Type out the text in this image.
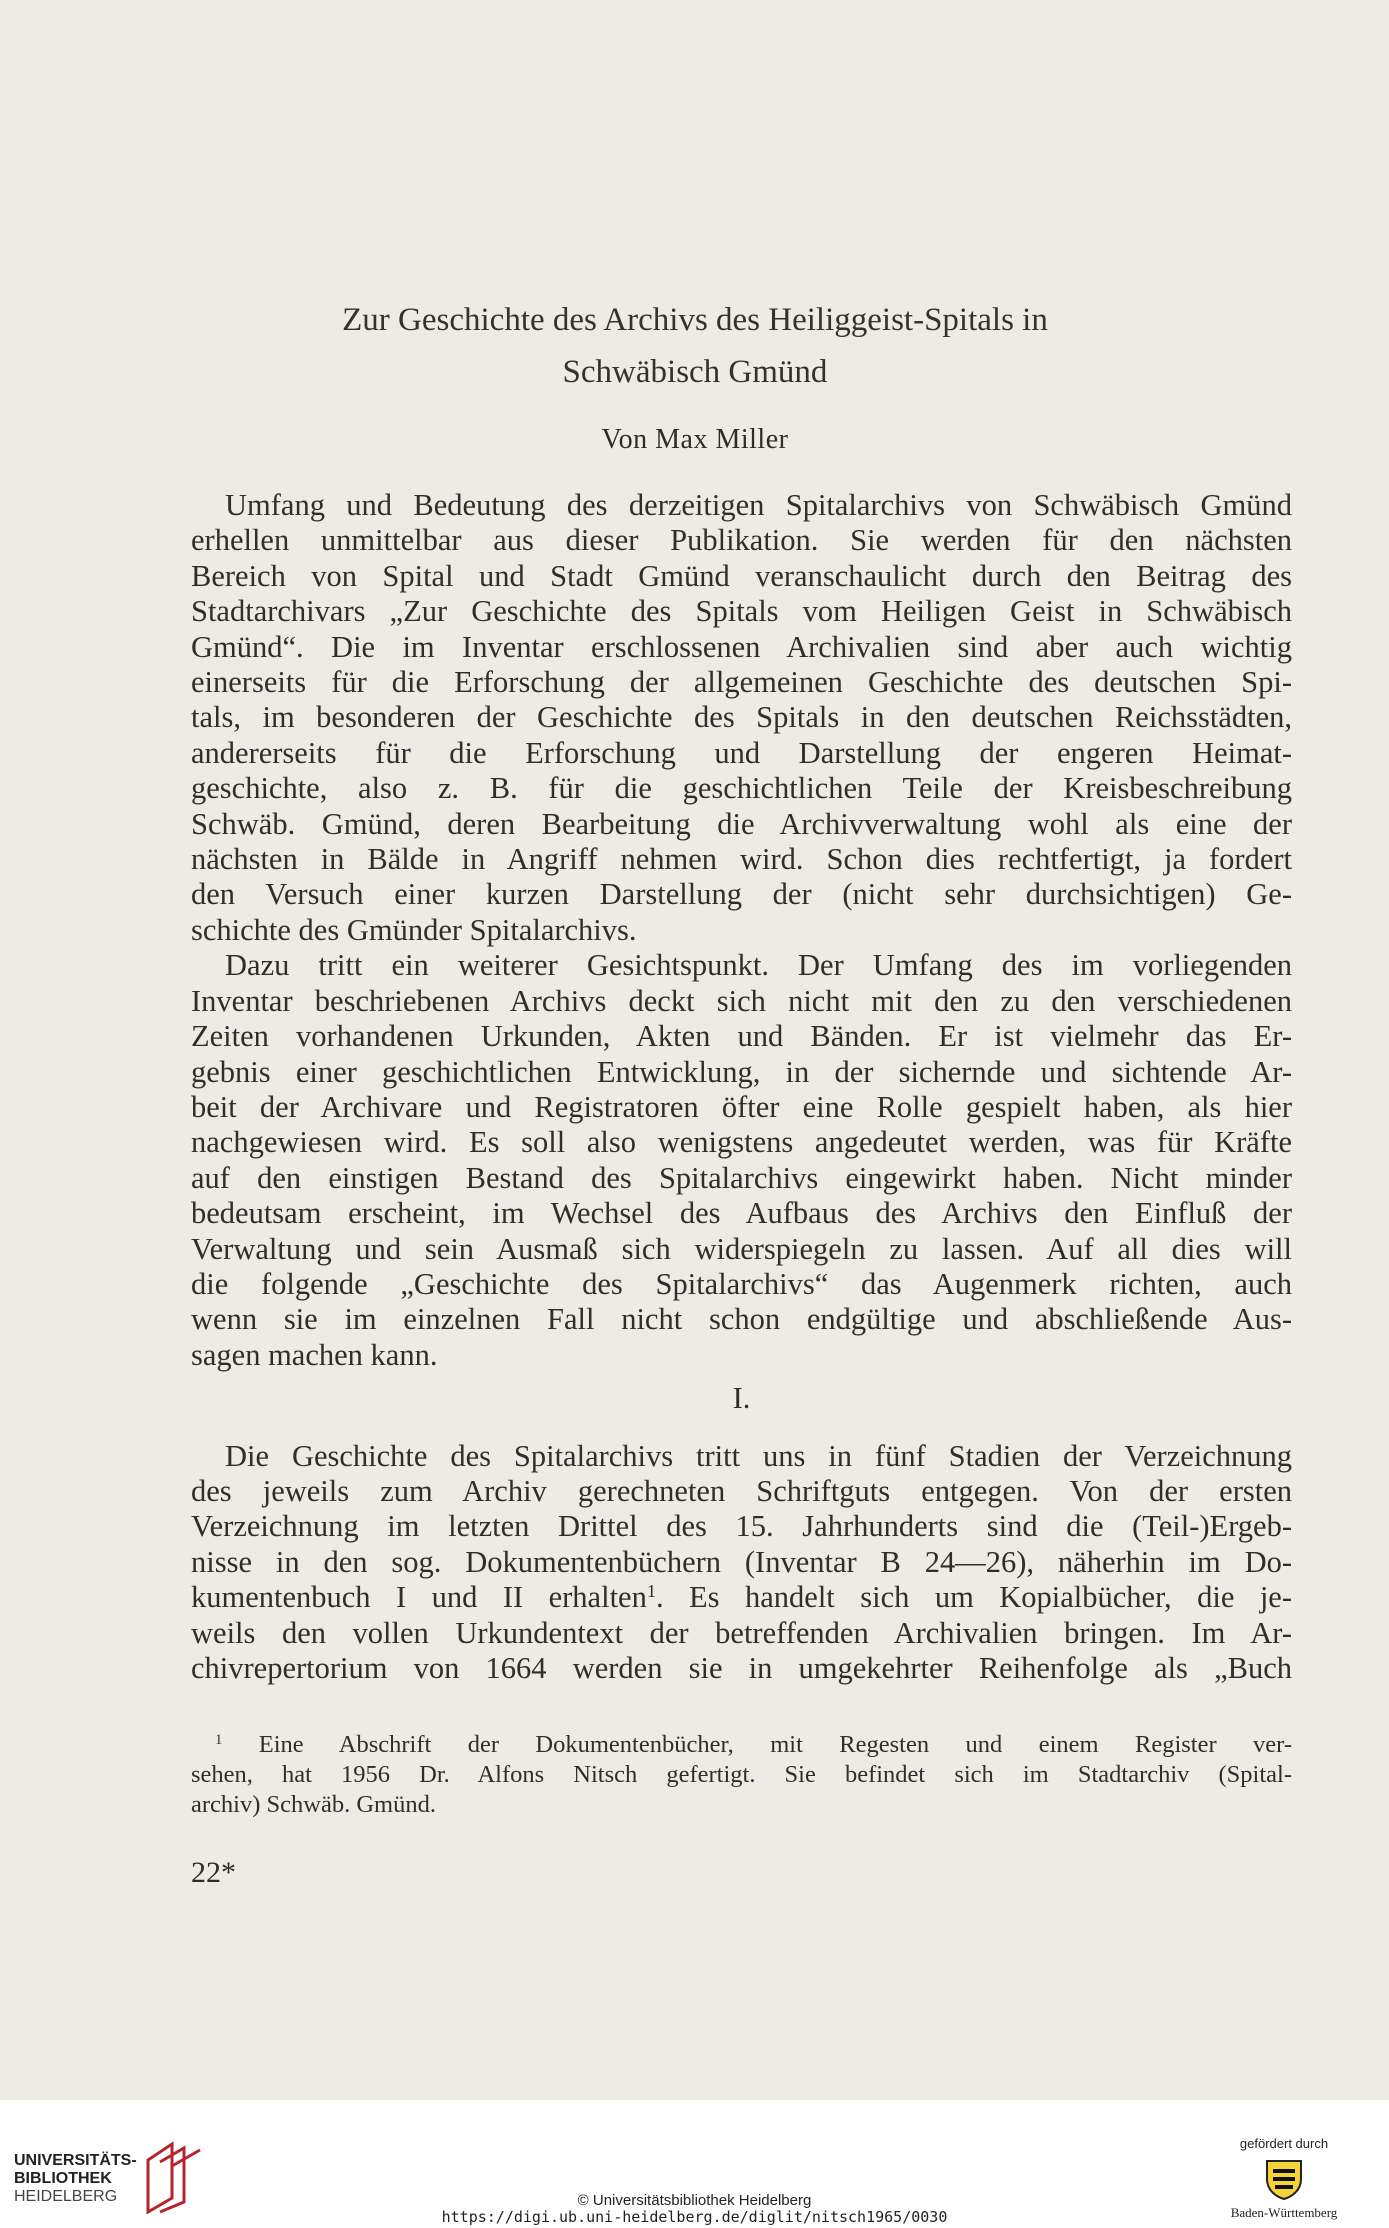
Zur Geschichte des Archivs des Heiliggeist-Spitals in
Schwäbisch Gmünd
Von Max Miller

Umfang und Bedeutung des derzeitigen Spitalarchivs von Schwäbisch Gmünd
erhellen unmittelbar aus dieser Publikation. Sie werden für den nächsten
Bereich von Spital und Stadt Gmünd veranschaulicht durch den Beitrag des
Stadtarchivars „Zur Geschichte des Spitals vom Heiligen Geist in Schwäbisch
Gmünd“. Die im Inventar erschlossenen Archivalien sind aber auch wichtig
einerseits für die Erforschung der allgemeinen Geschichte des deutschen Spi-
tals, im besonderen der Geschichte des Spitals in den deutschen Reichsstädten,
andererseits für die Erforschung und Darstellung der engeren Heimat-
geschichte, also z. B. für die geschichtlichen Teile der Kreisbeschreibung
Schwäb. Gmünd, deren Bearbeitung die Archivverwaltung wohl als eine der
nächsten in Bälde in Angriff nehmen wird. Schon dies rechtfertigt, ja fordert
den Versuch einer kurzen Darstellung der (nicht sehr durchsichtigen) Ge-
schichte des Gmünder Spitalarchivs.

Dazu tritt ein weiterer Gesichtspunkt. Der Umfang des im vorliegenden
Inventar beschriebenen Archivs deckt sich nicht mit den zu den verschiedenen
Zeiten vorhandenen Urkunden, Akten und Bänden. Er ist vielmehr das Er-
gebnis einer geschichtlichen Entwicklung, in der sichernde und sichtende Ar-
beit der Archivare und Registratoren öfter eine Rolle gespielt haben, als hier
nachgewiesen wird. Es soll also wenigstens angedeutet werden, was für Kräfte
auf den einstigen Bestand des Spitalarchivs eingewirkt haben. Nicht minder
bedeutsam erscheint, im Wechsel des Aufbaus des Archivs den Einfluß der
Verwaltung und sein Ausmaß sich widerspiegeln zu lassen. Auf all dies will
die folgende „Geschichte des Spitalarchivs“ das Augenmerk richten, auch
wenn sie im einzelnen Fall nicht schon endgültige und abschließende Aus-
sagen machen kann.

I.

Die Geschichte des Spitalarchivs tritt uns in fünf Stadien der Verzeichnung
des jeweils zum Archiv gerechneten Schriftguts entgegen. Von der ersten
Verzeichnung im letzten Drittel des 15. Jahrhunderts sind die (Teil-)Ergeb-
nisse in den sog. Dokumentenbüchern (Inventar B 24—26), näherhin im Do-
kumentenbuch I und II erhalten$^1$. Es handelt sich um Kopialbücher, die je-
weils den vollen Urkundentext der betreffenden Archivalien bringen. Im Ar-
chivrepertorium von 1664 werden sie in umgekehrter Reihenfolge als „Buch

$^1$ Eine Abschrift der Dokumentenbücher, mit Regesten und einem Register ver-
sehen, hat 1956 Dr. Alfons Nitsch gefertigt. Sie befindet sich im Stadtarchiv (Spital-
archiv) Schwäb. Gmünd.
22*
UNIVERSITÄTS-
BIBLIOTHEK
HEIDELBERG	© Universitätsbibliothek Heidelberg
https://digi.ub.uni-heidelberg.de/diglit/nitsch1965/0030
gefördert durch
Baden-Württemberg
